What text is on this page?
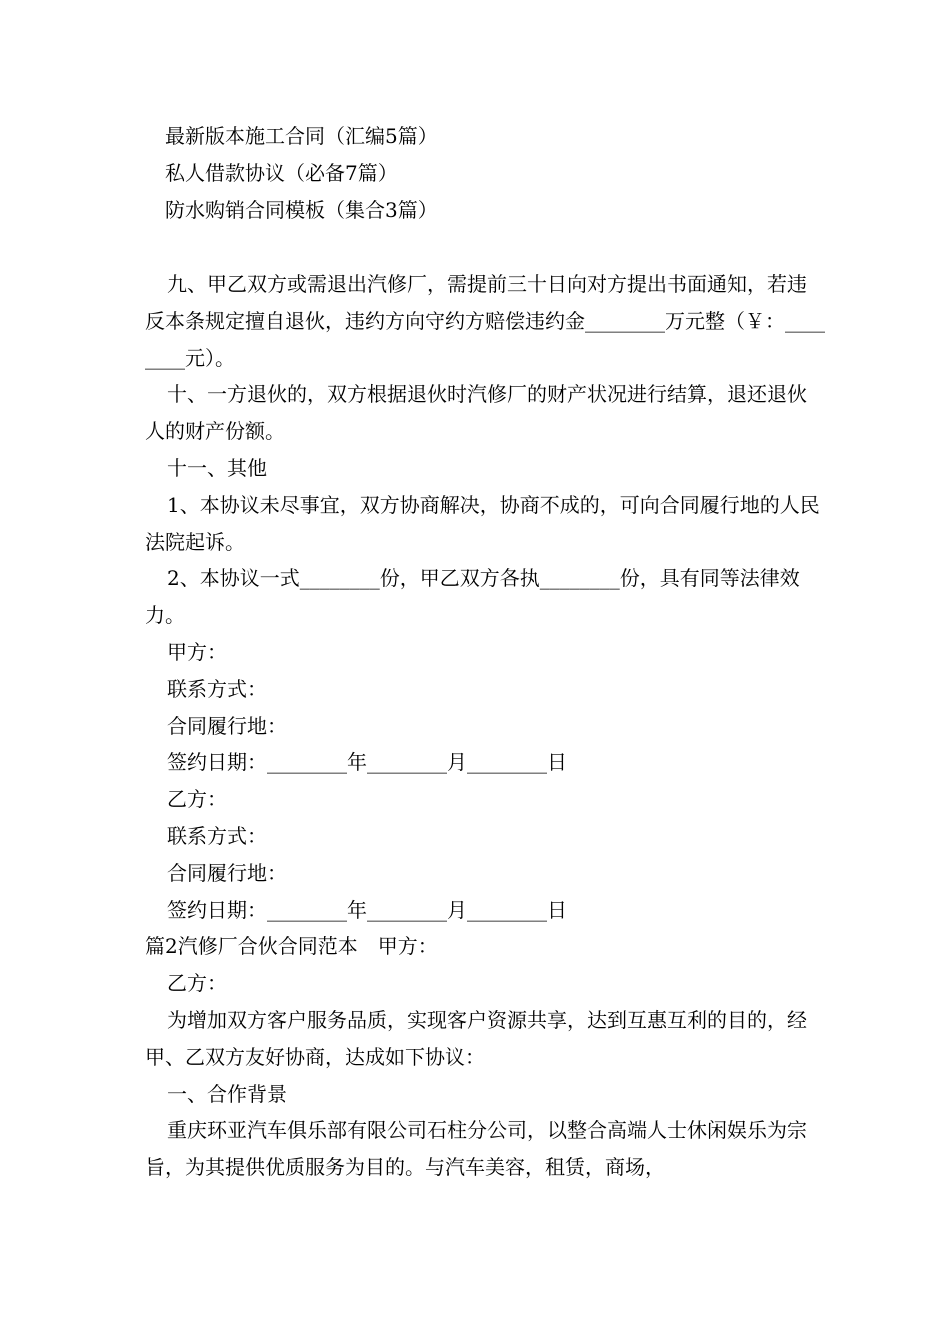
最新版本施工合同（汇编5篇）
私人借款协议（必备7篇）
防水购销合同模板（集合3篇）

九、甲乙双方或需退出汽修厂，需提前三十日向对方提出书面通知，若违反本条规定擅自退伙，违约方向守约方赔偿违约金________万元整（￥：________元）。

十、一方退伙的，双方根据退伙时汽修厂的财产状况进行结算，退还退伙人的财产份额。

十一、其他

1、本协议未尽事宜，双方协商解决，协商不成的，可向合同履行地的人民法院起诉。

2、本协议一式________份，甲乙双方各执________份，具有同等法律效力。

甲方：

联系方式：

合同履行地：

签约日期：________年________月________日

乙方：

联系方式：

合同履行地：

签约日期：________年________月________日

篇2汽修厂合伙合同范本　甲方：

乙方：

为增加双方客户服务品质，实现客户资源共享，达到互惠互利的目的，经甲、乙双方友好协商，达成如下协议：

一、合作背景

重庆环亚汽车俱乐部有限公司石柱分公司，以整合高端人士休闲娱乐为宗旨，为其提供优质服务为目的。与汽车美容，租赁，商场，
